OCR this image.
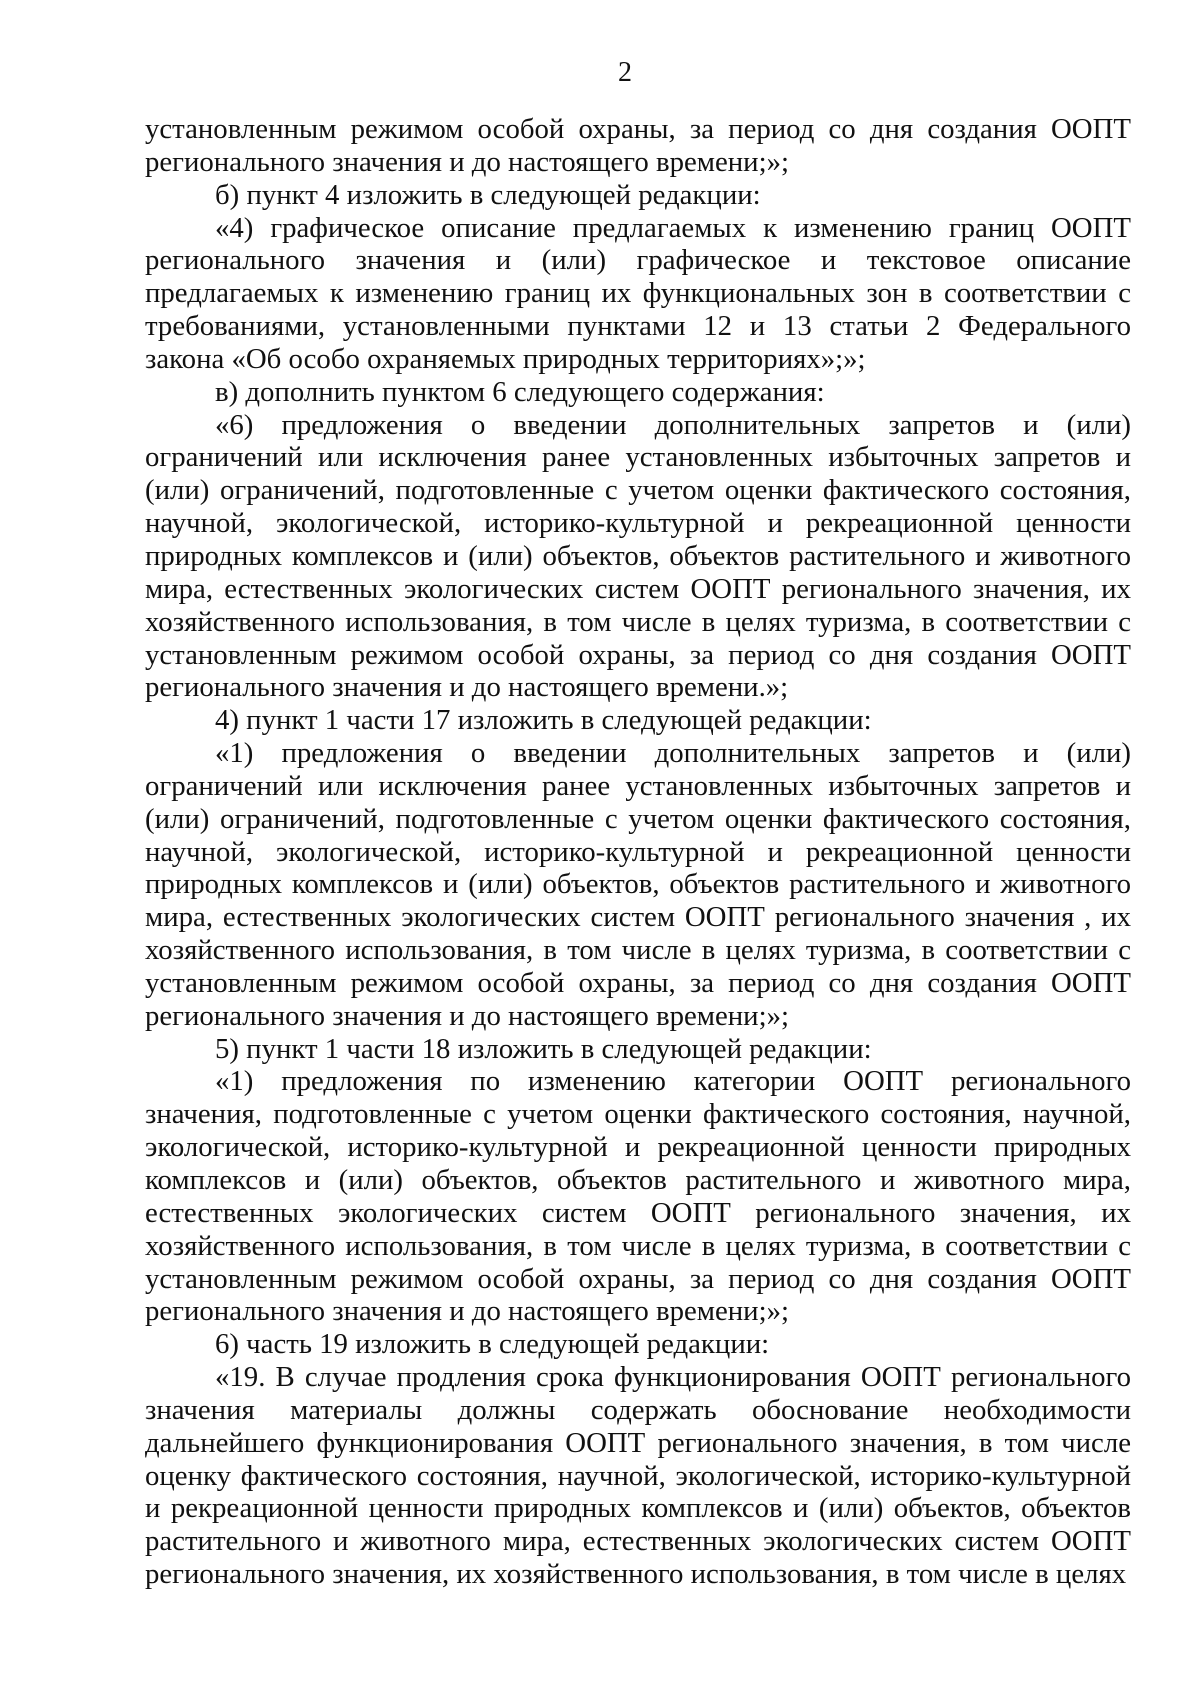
2

установленным режимом особой охраны, за период со дня создания ООПТ регионального значения и до настоящего времени;»;

б) пункт 4 изложить в следующей редакции:

«4) графическое описание предлагаемых к изменению границ ООПТ регионального значения и (или) графическое и текстовое описание предлагаемых к изменению границ их функциональных зон в соответствии с требованиями, установленными пунктами 12 и 13 статьи 2 Федерального закона «Об особо охраняемых природных территориях»;»;

в) дополнить пунктом 6 следующего содержания:

«6) предложения о введении дополнительных запретов и (или) ограничений или исключения ранее установленных избыточных запретов и (или) ограничений, подготовленные с учетом оценки фактического состояния, научной, экологической, историко-культурной и рекреационной ценности природных комплексов и (или) объектов, объектов растительного и животного мира, естественных экологических систем ООПТ регионального значения, их хозяйственного использования, в том числе в целях туризма, в соответствии с установленным режимом особой охраны, за период со дня создания ООПТ регионального значения и до настоящего времени.»;

4) пункт 1 части 17 изложить в следующей редакции:

«1) предложения о введении дополнительных запретов и (или) ограничений или исключения ранее установленных избыточных запретов и (или) ограничений, подготовленные с учетом оценки фактического состояния, научной, экологической, историко-культурной и рекреационной ценности природных комплексов и (или) объектов, объектов растительного и животного мира, естественных экологических систем ООПТ регионального значения , их хозяйственного использования, в том числе в целях туризма, в соответствии с установленным режимом особой охраны, за период со дня создания ООПТ регионального значения и до настоящего времени;»;

5) пункт 1 части 18 изложить в следующей редакции:

«1) предложения по изменению категории ООПТ регионального значения, подготовленные с учетом оценки фактического состояния, научной, экологической, историко-культурной и рекреационной ценности природных комплексов и (или) объектов, объектов растительного и животного мира, естественных экологических систем ООПТ регионального значения, их хозяйственного использования, в том числе в целях туризма, в соответствии с установленным режимом особой охраны, за период со дня создания ООПТ регионального значения и до настоящего времени;»;

6) часть 19 изложить в следующей редакции:

«19. В случае продления срока функционирования ООПТ регионального значения материалы должны содержать обоснование необходимости дальнейшего функционирования ООПТ регионального значения, в том числе оценку фактического состояния, научной, экологической, историко-культурной и рекреационной ценности природных комплексов и (или) объектов, объектов растительного и животного мира, естественных экологических систем ООПТ регионального значения, их хозяйственного использования, в том числе в целях
